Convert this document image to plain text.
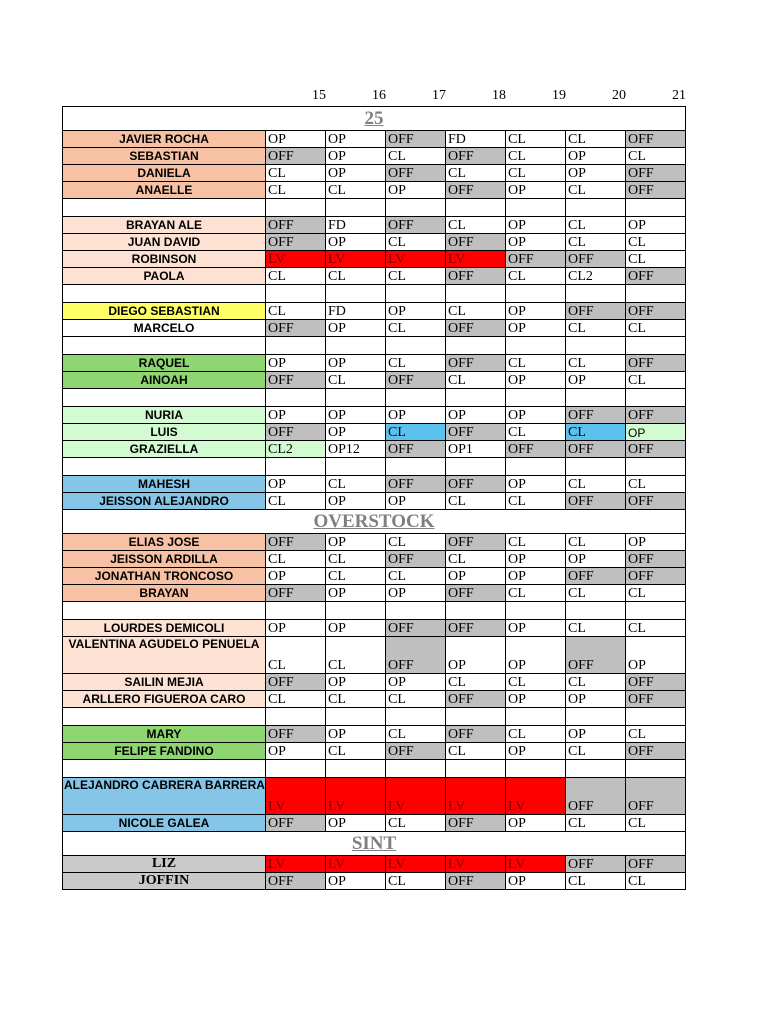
15	16	17	18	19	20	21
25							
JAVIER ROCHA	OP	OP	OFF	FD	CL	CL	OFF
SEBASTIAN	OFF	OP	CL	OFF	CL	OP	CL
DANIELA	CL	OP	OFF	CL	CL	OP	OFF
ANAELLE	CL	CL	OP	OFF	OP	CL	OFF

BRAYAN ALE	OFF	FD	OFF	CL	OP	CL	OP
JUAN DAVID	OFF	OP	CL	OFF	OP	CL	CL
ROBINSON	LV	LV	LV	LV	OFF	OFF	CL
PAOLA	CL	CL	CL	OFF	CL	CL2	OFF

DIEGO SEBASTIAN	CL	FD	OP	CL	OP	OFF	OFF
MARCELO	OFF	OP	CL	OFF	OP	CL	CL

RAQUEL	OP	OP	CL	OFF	CL	CL	OFF
AINOAH	OFF	CL	OFF	CL	OP	OP	CL

NURIA	OP	OP	OP	OP	OP	OFF	OFF
LUIS	OFF	OP	CL	OFF	CL	CL	OP
GRAZIELLA	CL2	OP12	OFF	OP1	OFF	OFF	OFF

MAHESH	OP	CL	OFF	OFF	OP	CL	CL
JEISSON ALEJANDRO	CL	OP	OP	CL	CL	OFF	OFF
OVERSTOCK							
ELIAS JOSE	OFF	OP	CL	OFF	CL	CL	OP
JEISSON ARDILLA	CL	CL	OFF	CL	OP	OP	OFF
JONATHAN TRONCOSO	OP	CL	CL	OP	OP	OFF	OFF
BRAYAN	OFF	OP	OP	OFF	CL	CL	CL

LOURDES DEMICOLI	OP	OP	OFF	OFF	OP	CL	CL
VALENTINA AGUDELO PENUELA	CL	CL	OFF	OP	OP	OFF	OP
SAILIN MEJIA	OFF	OP	OP	CL	CL	CL	OFF
ARLLERO FIGUEROA CARO	CL	CL	CL	OFF	OP	OP	OFF

MARY	OFF	OP	CL	OFF	CL	OP	CL
FELIPE FANDINO	OP	CL	OFF	CL	OP	CL	OFF

ALEJANDRO CABRERA BARRERA	LV	LV	LV	LV	LV	OFF	OFF
NICOLE GALEA	OFF	OP	CL	OFF	OP	CL	CL
SINT							
LIZ	LV	LV	LV	LV	LV	OFF	OFF
JOFFIN	OFF	OP	CL	OFF	OP	CL	CL
